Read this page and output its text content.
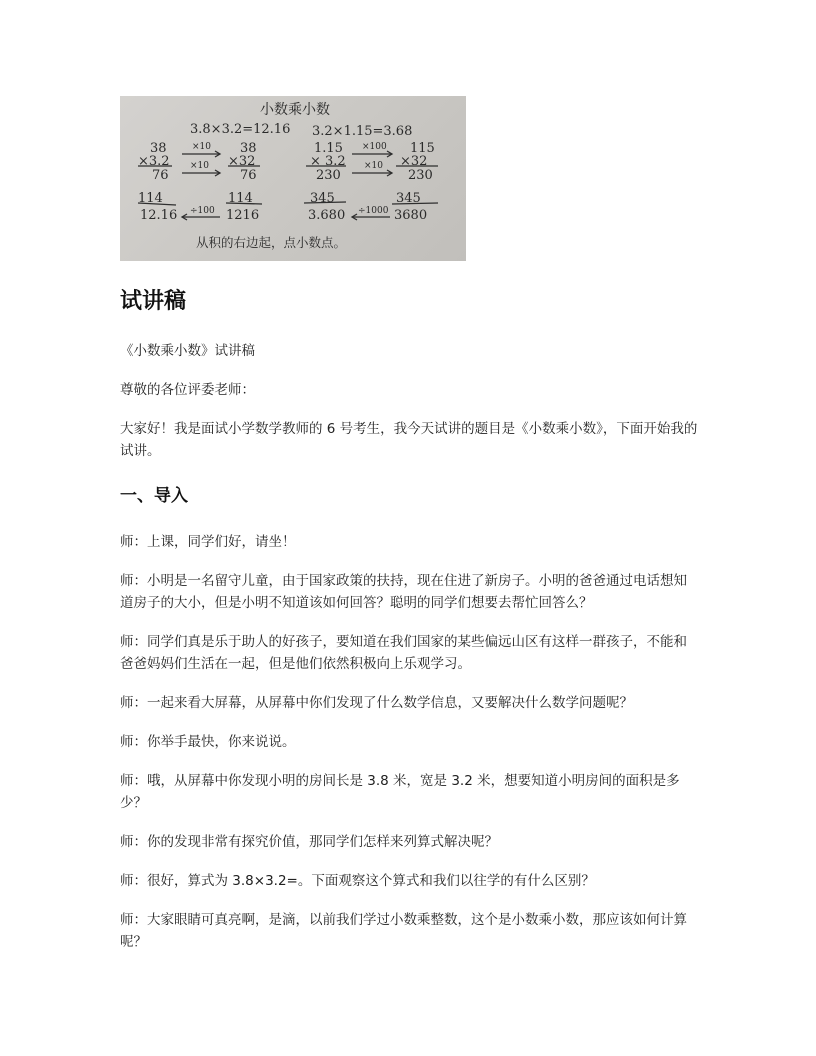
小数乘小数
3.8×3.2=12.16 3.2×1.15=3.68
38
×3.2
76
114
12.16
×10
×10
÷100
38
×32
76
114
1216
1.15
× 3.2
230
345
3.680
×100
×10
÷1000
115
×32
230
345
3680
从积的右边起，点小数点。
试讲稿

《小数乘小数》试讲稿

尊敬的各位评委老师：

大家好！我是面试小学数学教师的 6 号考生，我今天试讲的题目是《小数乘小数》，下面开始我的试讲。

一、导入

师：上课，同学们好，请坐！

师：小明是一名留守儿童，由于国家政策的扶持，现在住进了新房子。小明的爸爸通过电话想知道房子的大小，但是小明不知道该如何回答？聪明的同学们想要去帮忙回答么？

师：同学们真是乐于助人的好孩子，要知道在我们国家的某些偏远山区有这样一群孩子，不能和爸爸妈妈们生活在一起，但是他们依然积极向上乐观学习。

师：一起来看大屏幕，从屏幕中你们发现了什么数学信息，又要解决什么数学问题呢？

师：你举手最快，你来说说。

师：哦，从屏幕中你发现小明的房间长是 3.8 米，宽是 3.2 米，想要知道小明房间的面积是多少？

师：你的发现非常有探究价值，那同学们怎样来列算式解决呢？

师：很好，算式为 3.8×3.2=。下面观察这个算式和我们以往学的有什么区别？

师：大家眼睛可真亮啊，是滴，以前我们学过小数乘整数，这个是小数乘小数，那应该如何计算呢？
